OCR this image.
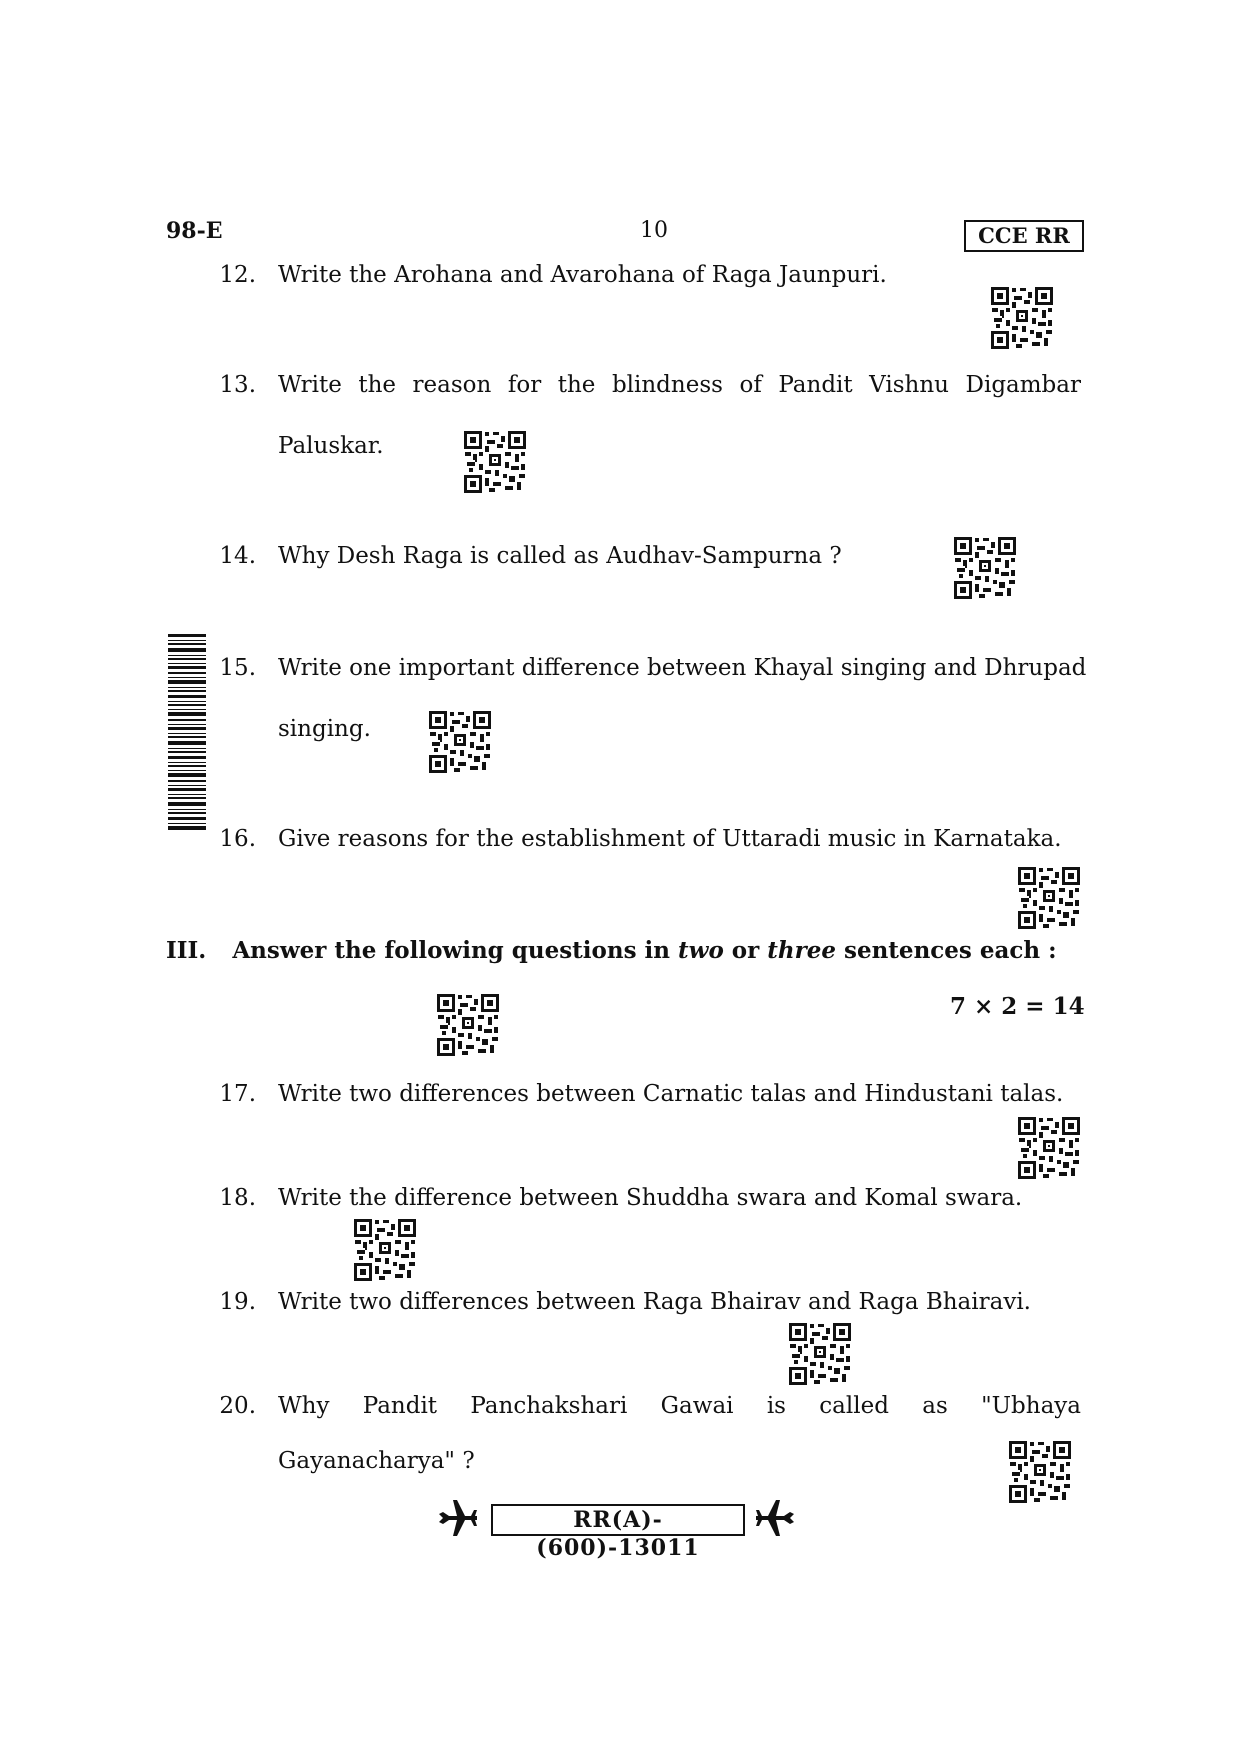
98-E	10	CCE RR
12. Write the Arohana and Avarohana of Raga Jaunpuri.
13. Write the reason for the blindness of Pandit Vishnu Digambar
Paluskar.
14. Why Desh Raga is called as Audhav-Sampurna ?
15. Write one important difference between Khayal singing and Dhrupad
singing.
16. Give reasons for the establishment of Uttaradi music in Karnataka.
III. Answer the following questions in two or three sentences each :
7 × 2 = 14
17. Write two differences between Carnatic talas and Hindustani talas.
18. Write the difference between Shuddha swara and Komal swara.
19. Write two differences between Raga Bhairav and Raga Bhairavi.
20. Why Pandit Panchakshari Gawai is called as "Ubhaya
Gayanacharya" ?
RR(A)-(600)-13011
